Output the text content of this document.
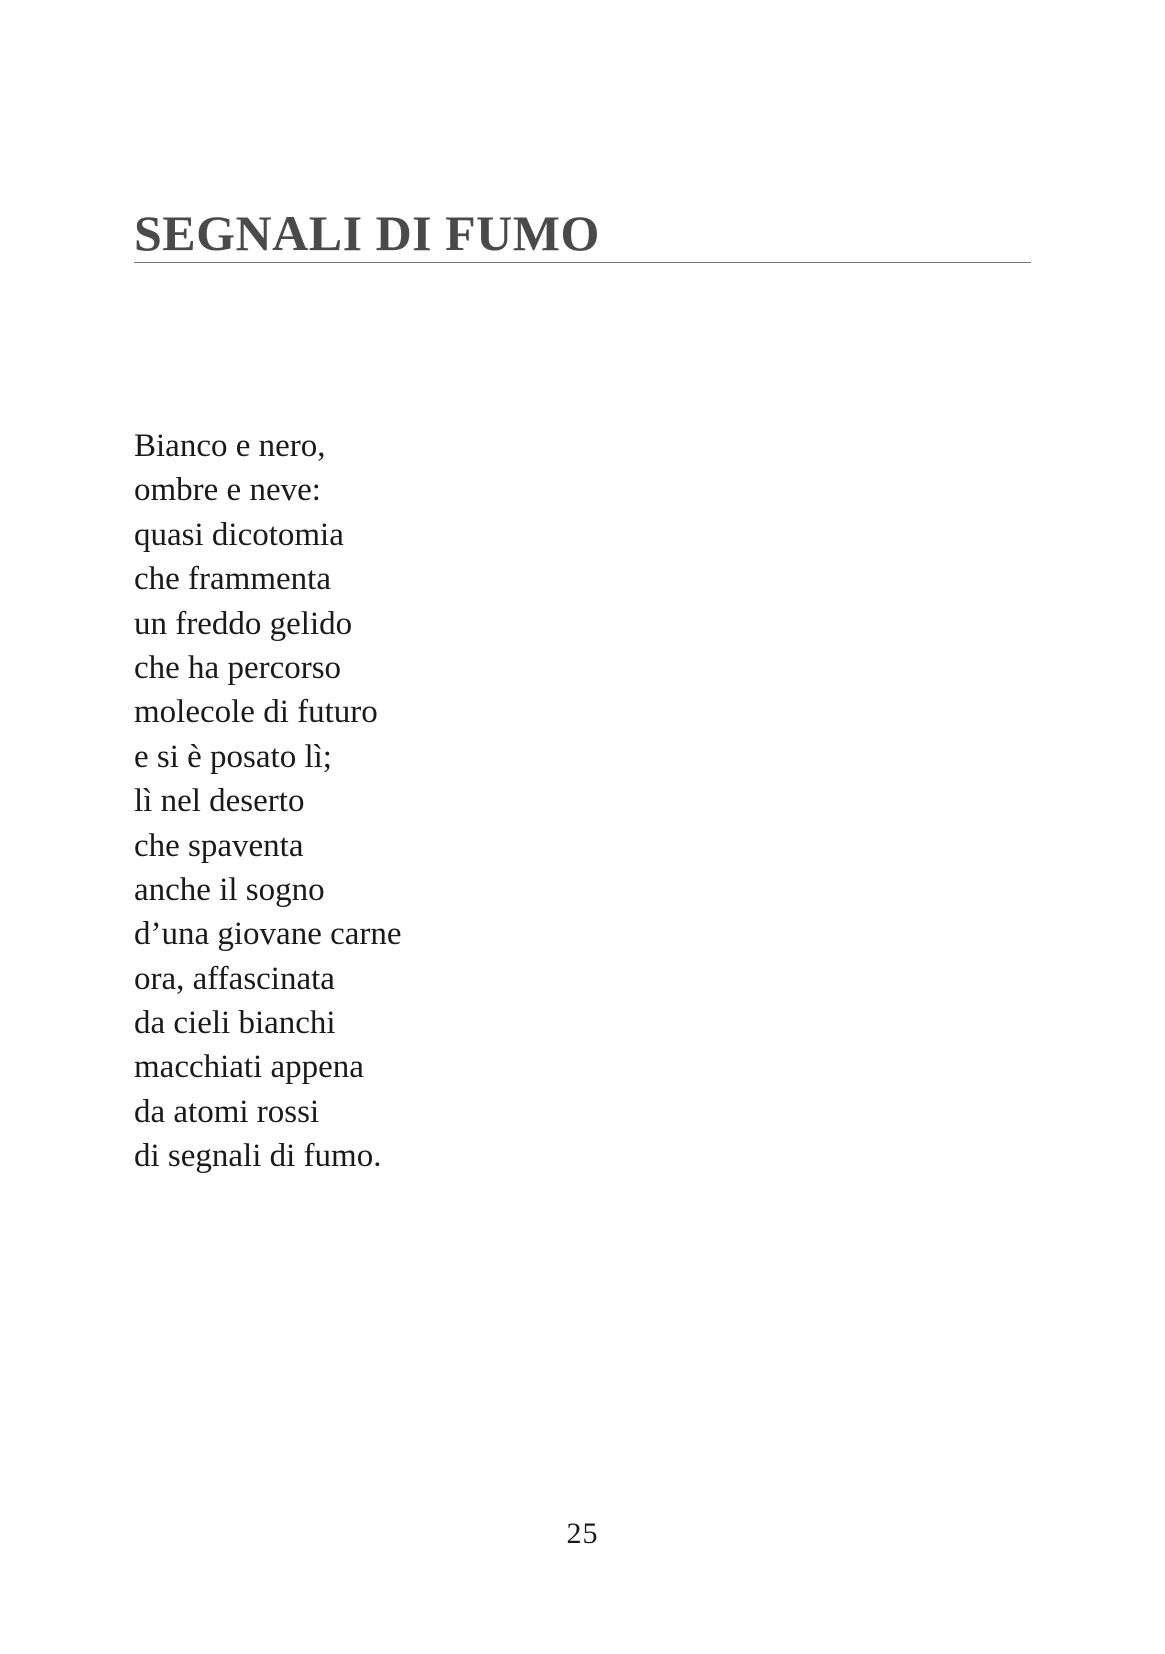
SEGNALI DI FUMO
Bianco e nero,
ombre e neve:
quasi dicotomia
che frammenta
un freddo gelido
che ha percorso
molecole di futuro
e si è posato lì;
lì nel deserto
che spaventa
anche il sogno
d’una giovane carne
ora, affascinata
da cieli bianchi
macchiati appena
da atomi rossi
di segnali di fumo.
25
